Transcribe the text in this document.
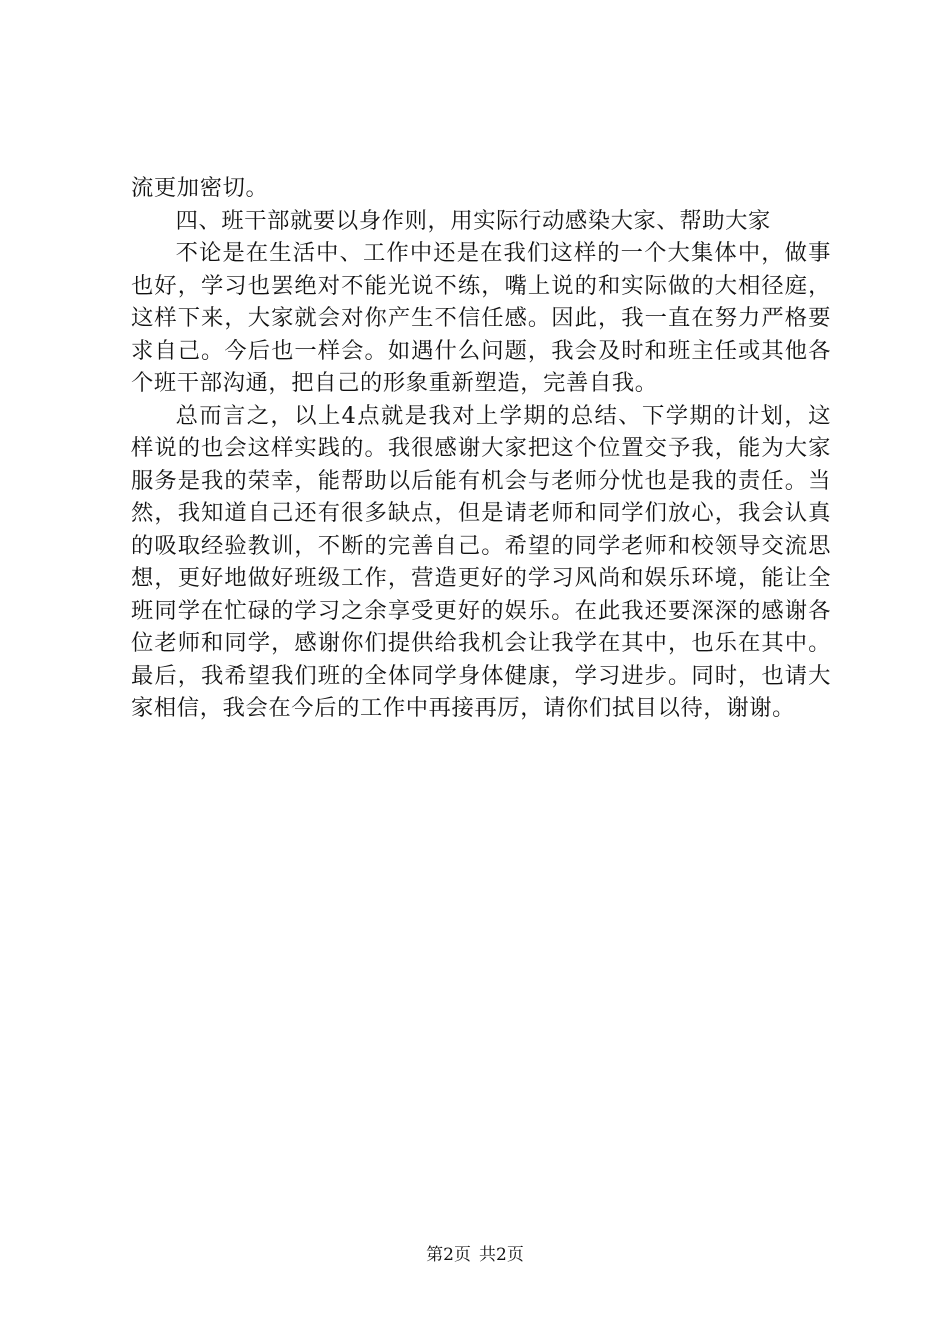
流更加密切。

四、班干部就要以身作则，用实际行动感染大家、帮助大家

不论是在生活中、工作中还是在我们这样的一个大集体中，做事也好，学习也罢绝对不能光说不练，嘴上说的和实际做的大相径庭，这样下来，大家就会对你产生不信任感。因此，我一直在努力严格要求自己。今后也一样会。如遇什么问题，我会及时和班主任或其他各个班干部沟通，把自己的形象重新塑造，完善自我。

总而言之，以上4点就是我对上学期的总结、下学期的计划，这样说的也会这样实践的。我很感谢大家把这个位置交予我，能为大家服务是我的荣幸，能帮助以后能有机会与老师分忧也是我的责任。当然，我知道自己还有很多缺点，但是请老师和同学们放心，我会认真的吸取经验教训，不断的完善自己。希望的同学老师和校领导交流思想，更好地做好班级工作，营造更好的学习风尚和娱乐环境，能让全班同学在忙碌的学习之余享受更好的娱乐。在此我还要深深的感谢各位老师和同学，感谢你们提供给我机会让我学在其中，也乐在其中。最后，我希望我们班的全体同学身体健康，学习进步。同时，也请大家相信，我会在今后的工作中再接再厉，请你们拭目以待，谢谢。

第2页 共2页
